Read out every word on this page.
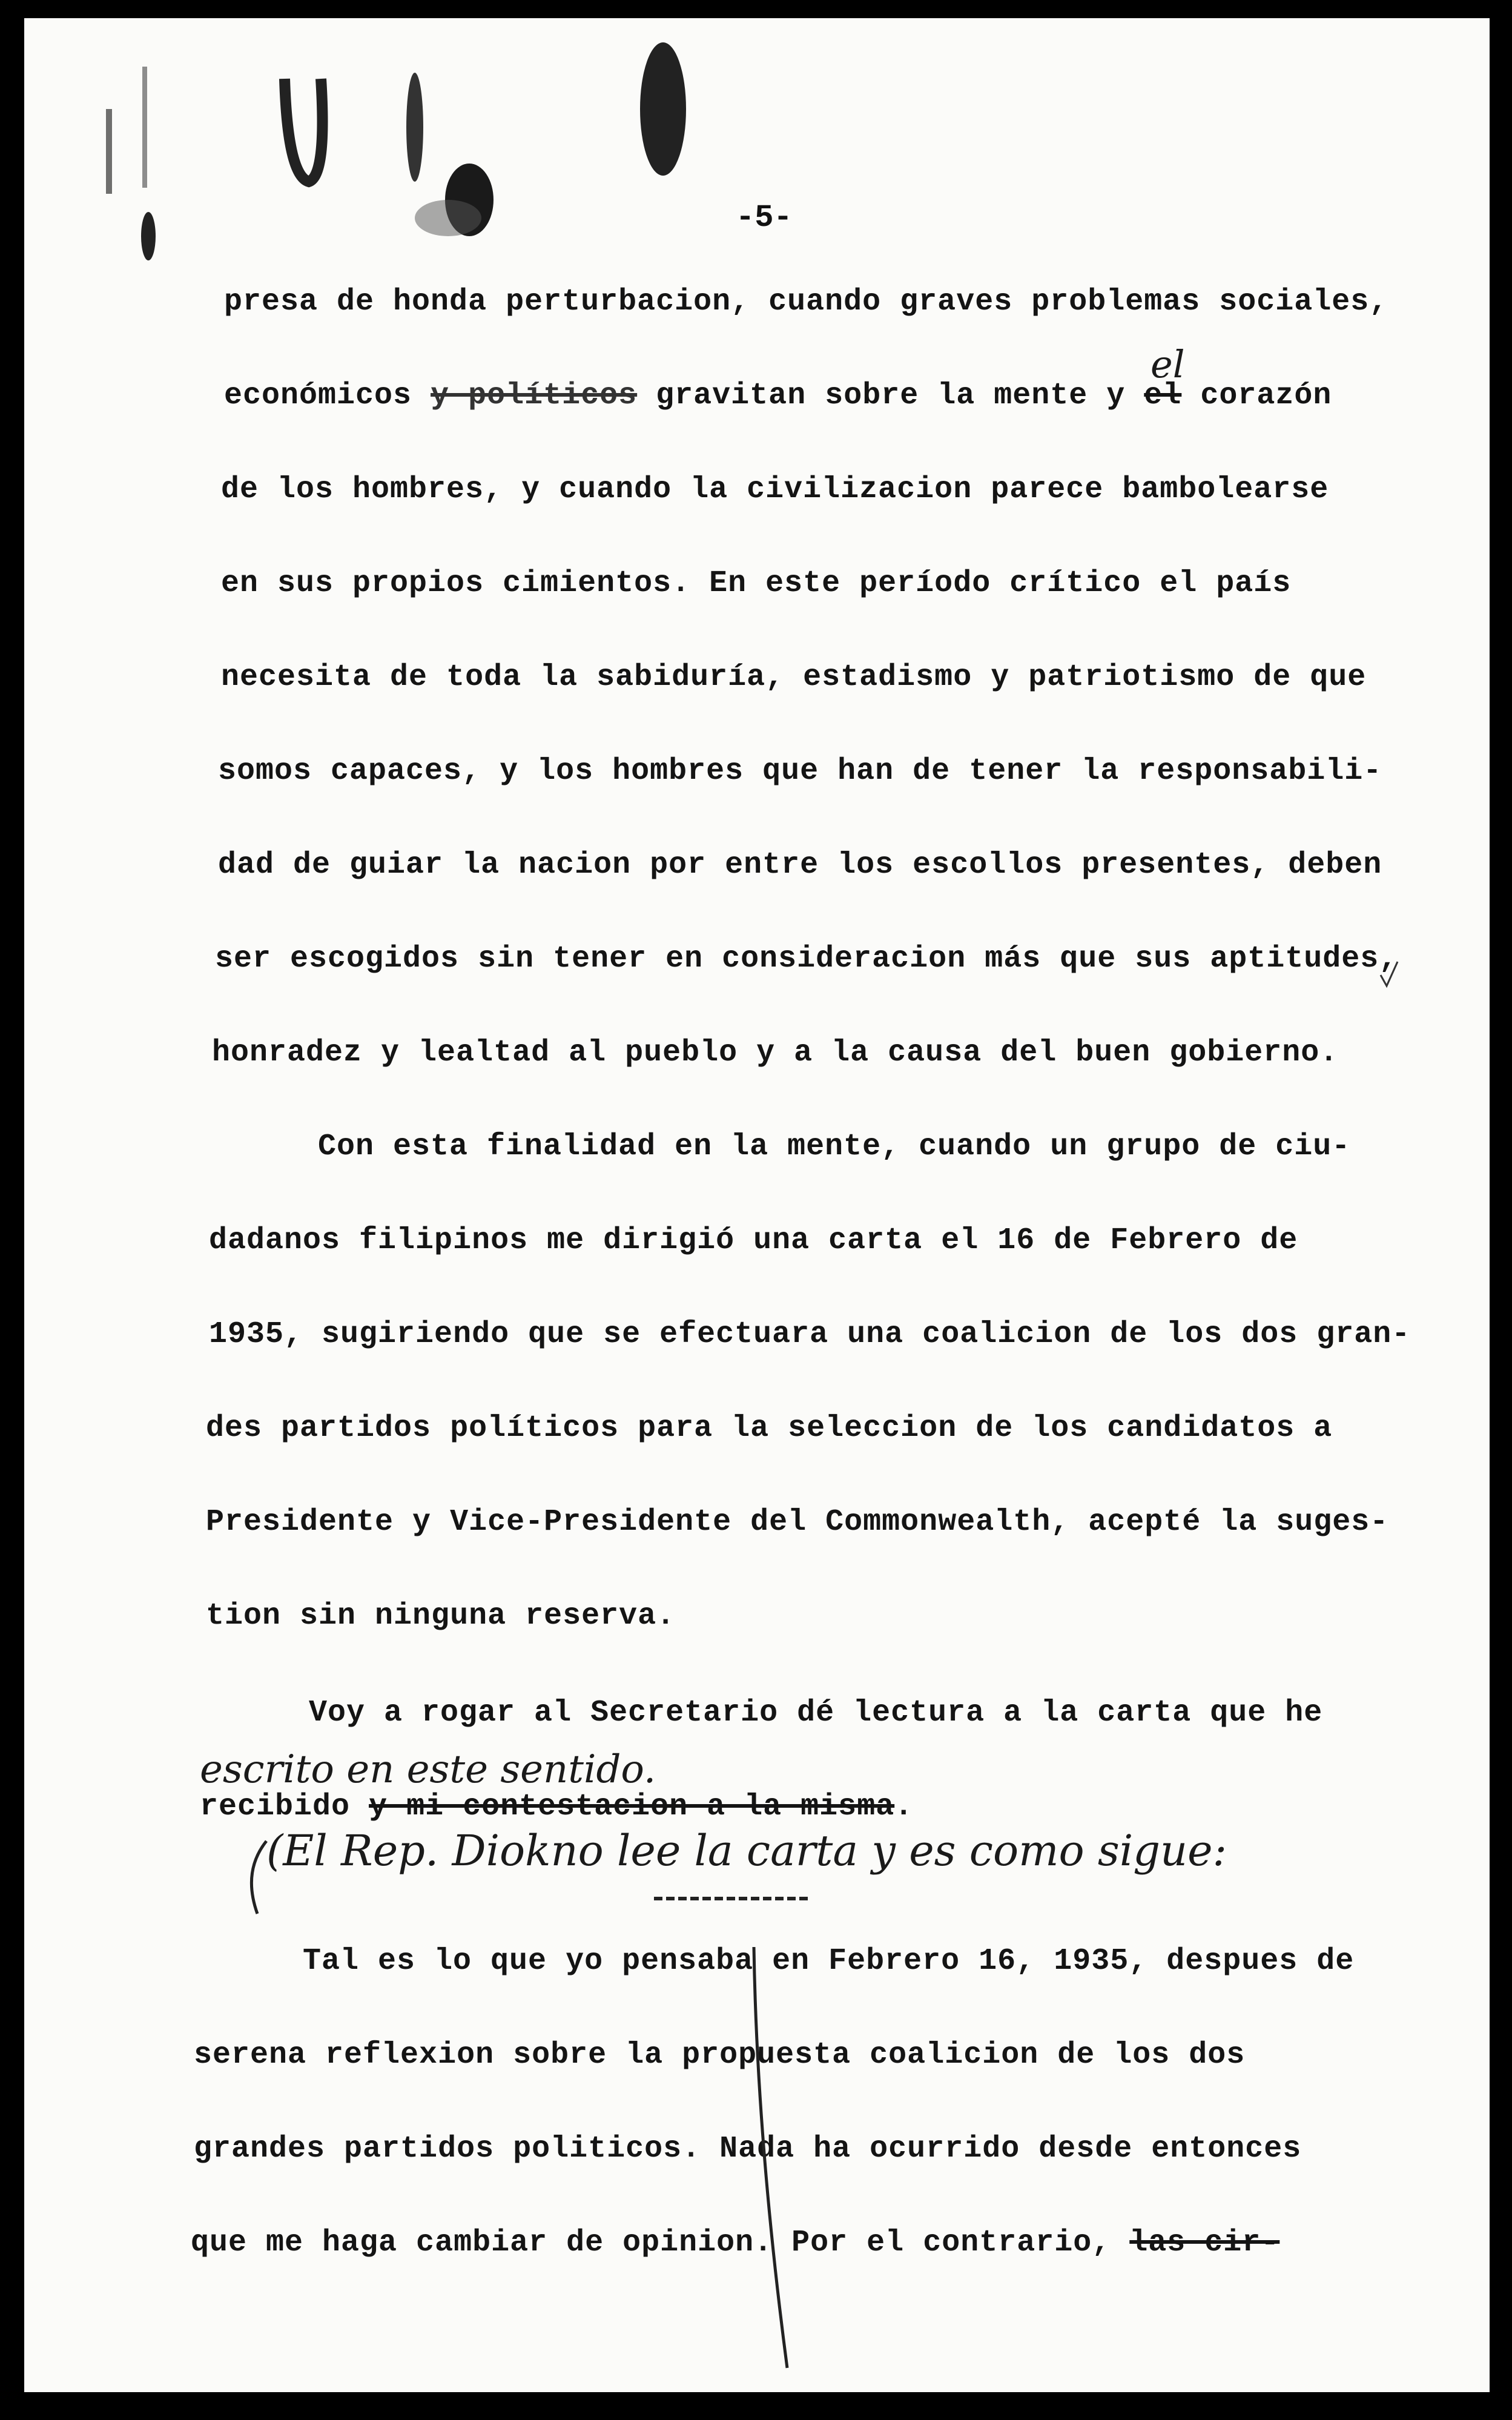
-5-
presa de honda perturbacion, cuando graves problemas sociales,
económicos y políticos gravitan sobre la mente y el corazón
el
de los hombres, y cuando la civilizacion parece bambolearse
en sus propios cimientos. En este período crítico el país
necesita de toda la sabiduría, estadismo y patriotismo de que
somos capaces, y los hombres que han de tener la responsabili-
dad de guiar la nacion por entre los escollos presentes, deben
ser escogidos sin tener en consideracion más que sus aptitudes,
honradez y lealtad al pueblo y a la causa del buen gobierno.
Con esta finalidad en la mente, cuando un grupo de ciu-
dadanos filipinos me dirigió una carta el 16 de Febrero de
1935, sugiriendo que se efectuara una coalicion de los dos gran-
des partidos políticos para la seleccion de los candidatos a
Presidente y Vice-Presidente del Commonwealth, acepté la suges-
tion sin ninguna reserva.
Voy a rogar al Secretario dé lectura a la carta que he
escrito en este sentido.
recibido y mi contestacion a la misma.
(El Rep. Diokno lee la carta y es como sigue:
Tal es lo que yo pensaba en Febrero 16, 1935, despues de
serena reflexion sobre la propuesta coalicion de los dos
grandes partidos politicos. Nada ha ocurrido desde entonces
que me haga cambiar de opinion. Por el contrario, las cir-
